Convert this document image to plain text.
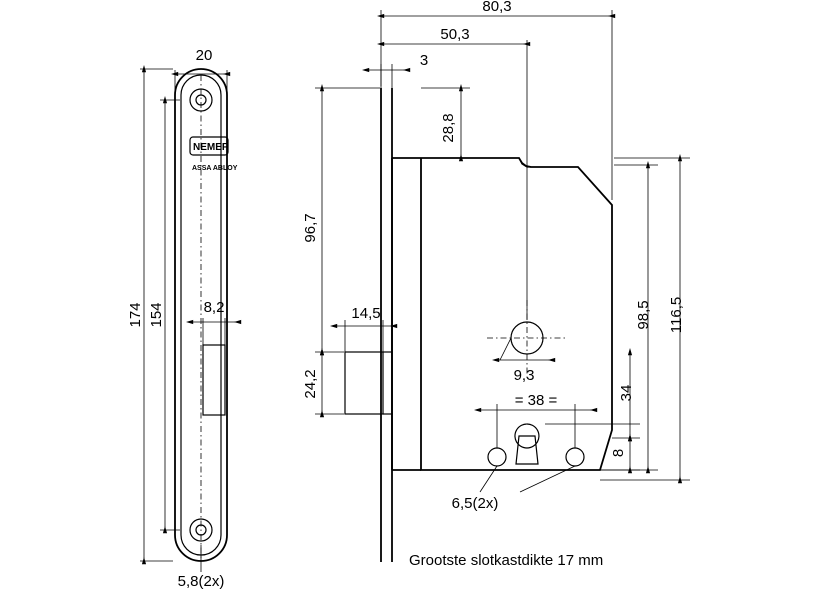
NEMEF
ASSA ABLOY
20
8,2
174 154
5,8(2x)
80,3
50,3
3
28,8
96,7
24,2
14,5
9,3
98,5 116,5
34
8
= 38 =
6,5(2x)
Grootste slotkastdikte 17 mm
